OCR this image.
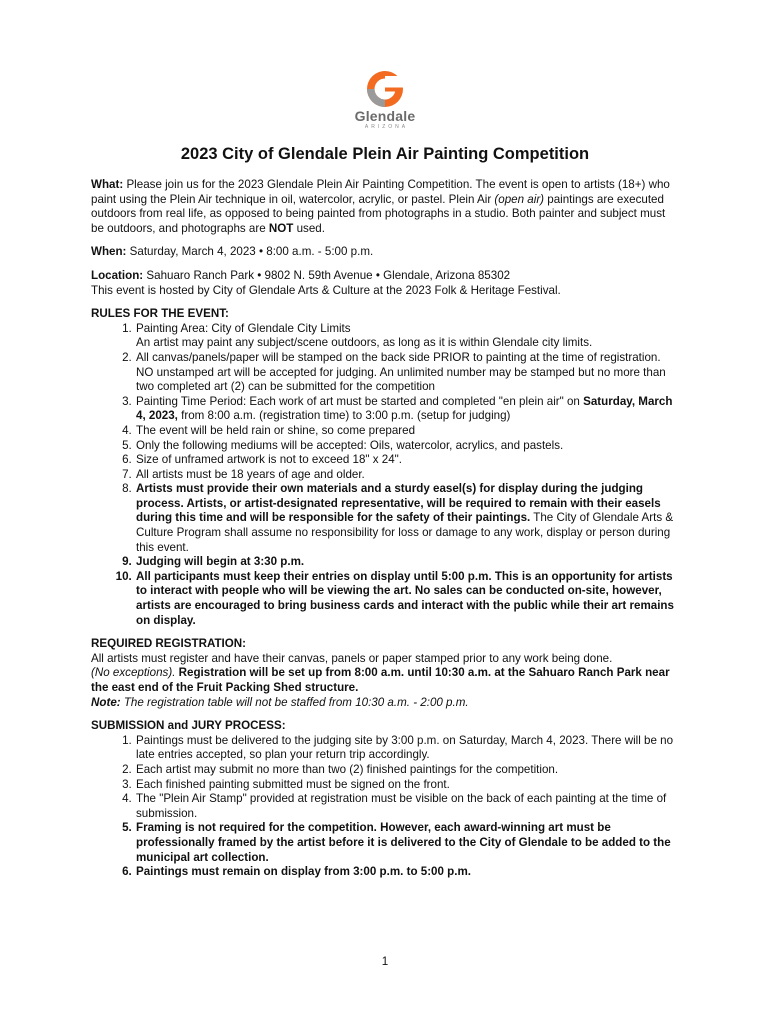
Glendale
ARIZONA
2023 City of Glendale Plein Air Painting Competition

What: Please join us for the 2023 Glendale Plein Air Painting Competition. The event is open to artists (18+) who paint using the Plein Air technique in oil, watercolor, acrylic, or pastel. Plein Air (open air) paintings are executed outdoors from real life, as opposed to being painted from photographs in a studio. Both painter and subject must be outdoors, and photographs are NOT used.

When: Saturday, March 4, 2023 • 8:00 a.m. - 5:00 p.m.

Location: Sahuaro Ranch Park • 9802 N. 59th Avenue • Glendale, Arizona 85302

This event is hosted by City of Glendale Arts & Culture at the 2023 Folk & Heritage Festival.

RULES FOR THE EVENT:

1. Painting Area: City of Glendale City Limits
An artist may paint any subject/scene outdoors, as long as it is within Glendale city limits.
2. All canvas/panels/paper will be stamped on the back side PRIOR to painting at the time of registration. NO unstamped art will be accepted for judging. An unlimited number may be stamped but no more than two completed art (2) can be submitted for the competition
3. Painting Time Period: Each work of art must be started and completed "en plein air" on Saturday, March 4, 2023, from 8:00 a.m. (registration time) to 3:00 p.m. (setup for judging)
4. The event will be held rain or shine, so come prepared
5. Only the following mediums will be accepted: Oils, watercolor, acrylics, and pastels.
6. Size of unframed artwork is not to exceed 18" x 24".
7. All artists must be 18 years of age and older.
8. Artists must provide their own materials and a sturdy easel(s) for display during the judging process. Artists, or artist-designated representative, will be required to remain with their easels during this time and will be responsible for the safety of their paintings. The City of Glendale Arts & Culture Program shall assume no responsibility for loss or damage to any work, display or person during this event.
9. Judging will begin at 3:30 p.m.
10. All participants must keep their entries on display until 5:00 p.m. This is an opportunity for artists to interact with people who will be viewing the art. No sales can be conducted on-site, however, artists are encouraged to bring business cards and interact with the public while their art remains on display.

REQUIRED REGISTRATION:

All artists must register and have their canvas, panels or paper stamped prior to any work being done.

(No exceptions). Registration will be set up from 8:00 a.m. until 10:30 a.m. at the Sahuaro Ranch Park near the east end of the Fruit Packing Shed structure.

Note: The registration table will not be staffed from 10:30 a.m. - 2:00 p.m.

SUBMISSION and JURY PROCESS:

1. Paintings must be delivered to the judging site by 3:00 p.m. on Saturday, March 4, 2023. There will be no late entries accepted, so plan your return trip accordingly.
2. Each artist may submit no more than two (2) finished paintings for the competition.
3. Each finished painting submitted must be signed on the front.
4. The "Plein Air Stamp" provided at registration must be visible on the back of each painting at the time of submission.
5. Framing is not required for the competition. However, each award-winning art must be professionally framed by the artist before it is delivered to the City of Glendale to be added to the municipal art collection.
6. Paintings must remain on display from 3:00 p.m. to 5:00 p.m.
1
